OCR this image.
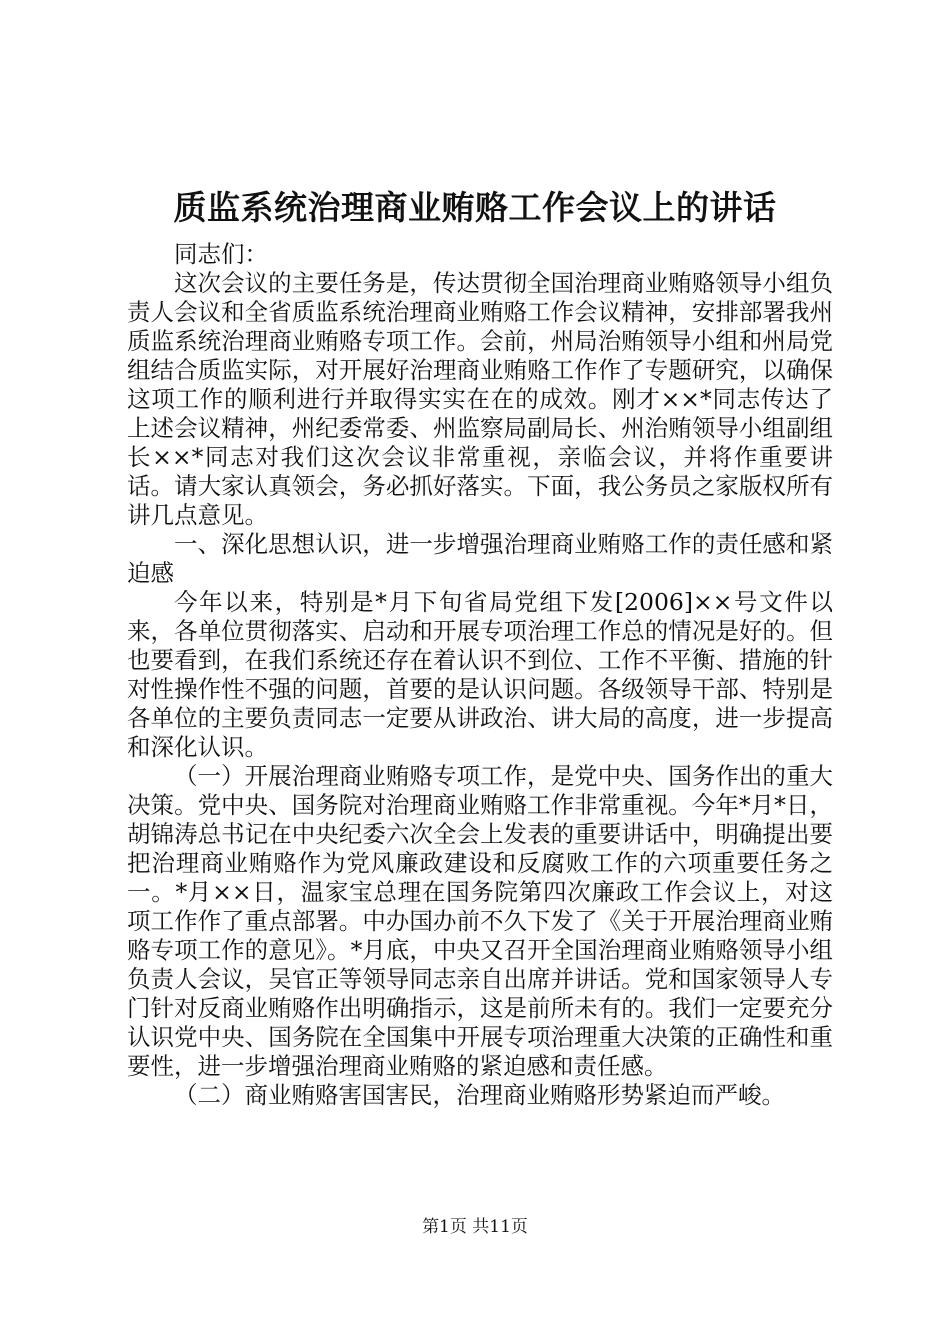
质监系统治理商业贿赂工作会议上的讲话

同志们：

这次会议的主要任务是，传达贯彻全国治理商业贿赂领导小组负责人会议和全省质监系统治理商业贿赂工作会议精神，安排部署我州质监系统治理商业贿赂专项工作。会前，州局治贿领导小组和州局党组结合质监实际，对开展好治理商业贿赂工作作了专题研究，以确保这项工作的顺利进行并取得实实在在的成效。刚才××*同志传达了上述会议精神，州纪委常委、州监察局副局长、州治贿领导小组副组长××*同志对我们这次会议非常重视，亲临会议，并将作重要讲话。请大家认真领会，务必抓好落实。下面，我公务员之家版权所有讲几点意见。

一、深化思想认识，进一步增强治理商业贿赂工作的责任感和紧迫感

今年以来，特别是*月下旬省局党组下发[2006]××号文件以来，各单位贯彻落实、启动和开展专项治理工作总的情况是好的。但也要看到，在我们系统还存在着认识不到位、工作不平衡、措施的针对性操作性不强的问题，首要的是认识问题。各级领导干部、特别是各单位的主要负责同志一定要从讲政治、讲大局的高度，进一步提高和深化认识。

（一）开展治理商业贿赂专项工作，是党中央、国务作出的重大决策。党中央、国务院对治理商业贿赂工作非常重视。今年*月*日，胡锦涛总书记在中央纪委六次全会上发表的重要讲话中，明确提出要把治理商业贿赂作为党风廉政建设和反腐败工作的六项重要任务之一。*月××日，温家宝总理在国务院第四次廉政工作会议上，对这项工作作了重点部署。中办国办前不久下发了《关于开展治理商业贿赂专项工作的意见》。*月底，中央又召开全国治理商业贿赂领导小组负责人会议，吴官正等领导同志亲自出席并讲话。党和国家领导人专门针对反商业贿赂作出明确指示，这是前所未有的。我们一定要充分认识党中央、国务院在全国集中开展专项治理重大决策的正确性和重要性，进一步增强治理商业贿赂的紧迫感和责任感。

（二）商业贿赂害国害民，治理商业贿赂形势紧迫而严峻。

第1页 共11页
